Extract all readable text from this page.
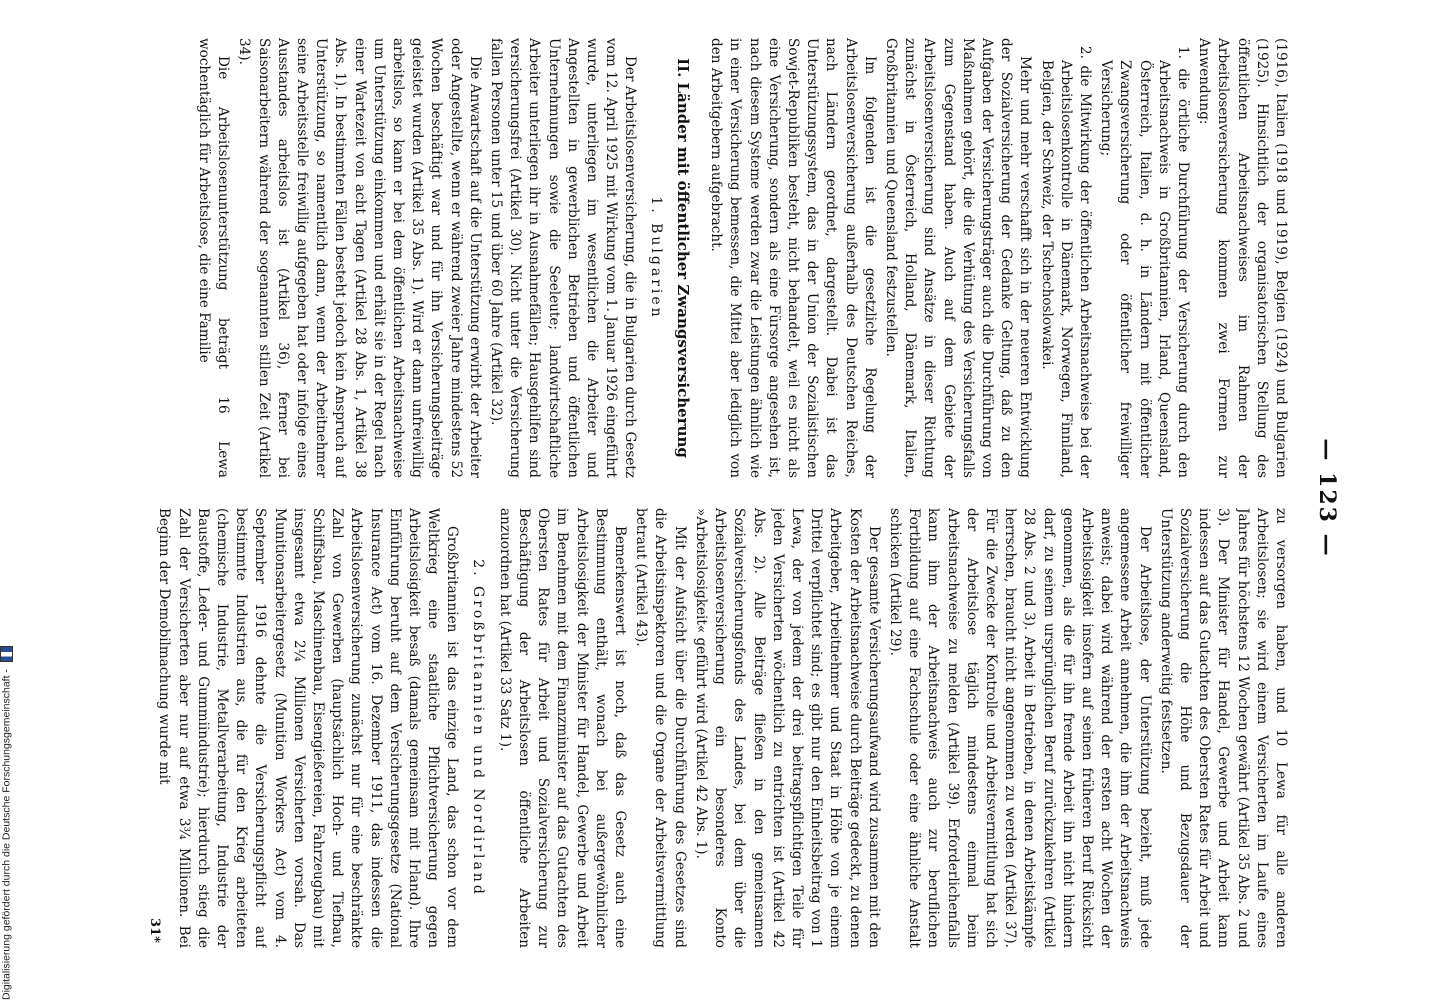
— 123 —

(1916), Italien (1918 und 1919), Belgien (1924) und Bulgarien (1925). Hinsichtlich der organisatorischen Stellung des öffentlichen Arbeitsnachweises im Rahmen der Arbeitslosenversicherung kommen zwei Formen zur Anwendung:

1. die örtliche Durchführung der Versicherung durch den Arbeitsnachweis in Großbritannien, Irland, Queensland, Österreich, Italien, d. h. in Ländern mit öffentlicher Zwangsversicherung oder öffentlicher freiwilliger Versicherung;
2. die Mitwirkung der öffentlichen Arbeitsnachweise bei der Arbeitslosenkontrolle in Dänemark, Norwegen, Finnland, Belgien, der Schweiz, der Tschechoslowakei.

Mehr und mehr verschafft sich in der neueren Entwicklung der Sozialversicherung der Gedanke Geltung, daß zu den Aufgaben der Versicherungsträger auch die Durchführung von Maßnahmen gehört, die die Verhütung des Versicherungsfalls zum Gegenstand haben. Auch auf dem Gebiete der Arbeitslosenversicherung sind Ansätze in dieser Richtung zunächst in Österreich, Holland, Dänemark, Italien, Großbritannien und Queensland festzustellen.

Im folgenden ist die gesetzliche Regelung der Arbeitslosenversicherung außerhalb des Deutschen Reiches, nach Ländern geordnet, dargestellt. Dabei ist das Unterstützungssystem, das in der Union der Sozialistischen Sowjet-Republiken besteht, nicht behandelt, weil es nicht als eine Versicherung, sondern als eine Fürsorge angesehen ist, nach diesem Systeme werden zwar die Leistungen ähnlich wie in einer Versicherung bemessen, die Mittel aber lediglich von den Arbeitgebern aufgebracht.

II. Länder mit öffentlicher Zwangsversicherung
1. Bulgarien

Der Arbeitslosenversicherung, die in Bulgarien durch Gesetz vom 12. April 1925 mit Wirkung vom 1. Januar 1926 eingeführt wurde, unterliegen im wesentlichen die Arbeiter und Angestellten in gewerblichen Betrieben und öffentlichen Unternehmungen sowie die Seeleute; landwirtschaftliche Arbeiter unterliegen ihr in Ausnahmefällen; Hausgehilfen sind versicherungsfrei (Artikel 30). Nicht unter die Versicherung fallen Personen unter 15 und über 60 Jahre (Artikel 32).

Die Anwartschaft auf die Unterstützung erwirbt der Arbeiter oder Angestellte, wenn er während zweier Jahre mindestens 52 Wochen beschäftigt war und für ihn Versicherungsbeiträge geleistet wurden (Artikel 35 Abs. 1). Wird er dann unfreiwillig arbeitslos, so kann er bei dem öffentlichen Arbeitsnachweise um Unterstützung einkommen und erhält sie in der Regel nach einer Wartezeit von acht Tagen (Artikel 28 Abs. 1, Artikel 38 Abs. 1). In bestimmten Fällen besteht jedoch kein Anspruch auf Unterstützung, so namentlich dann, wenn der Arbeitnehmer seine Arbeitsstelle freiwillig aufgegeben hat oder infolge eines Ausstandes arbeitslos ist (Artikel 36), ferner bei Saisonarbeitern während der sogenannten stillen Zeit (Artikel 34).

Die Arbeitslosenunterstützung beträgt 16 Lewa wochentäglich für Arbeitslose, die eine Familie

zu versorgen haben, und 10 Lewa für alle anderen Arbeitslosen; sie wird einem Versicherten im Laufe eines Jahres für höchstens 12 Wochen gewährt (Artikel 35 Abs. 2 und 3). Der Minister für Handel, Gewerbe und Arbeit kann indessen auf das Gutachten des Obersten Rates für Arbeit und Sozialversicherung die Höhe und Bezugsdauer der Unterstützung anderweitig festsetzen.

Der Arbeitslose, der Unterstützung bezieht, muß jede angemessene Arbeit annehmen, die ihm der Arbeitsnachweis anweist; dabei wird während der ersten acht Wochen der Arbeitslosigkeit insofern auf seinen früheren Beruf Rücksicht genommen, als die für ihn fremde Arbeit ihn nicht hindern darf, zu seinem ursprünglichen Beruf zurückzukehren (Artikel 28 Abs. 2 und 3). Arbeit in Betrieben, in denen Arbeitskämpfe herrschen, braucht nicht angenommen zu werden (Artikel 37). Für die Zwecke der Kontrolle und Arbeitsvermittlung hat sich der Arbeitslose täglich mindestens einmal beim Arbeitsnachweise zu melden (Artikel 39). Erforderlichenfalls kann ihm der Arbeitsnachweis auch zur beruflichen Fortbildung auf eine Fachschule oder eine ähnliche Anstalt schicken (Artikel 29).

Der gesamte Versicherungsaufwand wird zusammen mit den Kosten der Arbeitsnachweise durch Beiträge gedeckt, zu denen Arbeitgeber, Arbeitnehmer und Staat in Höhe von je einem Drittel verpflichtet sind; es gibt nur den Einheitsbeitrag von 1 Lewa, der von jedem der drei beitragspflichtigen Teile für jeden Versicherten wöchentlich zu entrichten ist (Artikel 42 Abs. 2). Alle Beiträge fließen in den gemeinsamen Sozialversicherungsfonds des Landes, bei dem über die Arbeitslosenversicherung ein besonderes Konto »Arbeitslosigkeit« geführt wird (Artikel 42 Abs. 1).

Mit der Aufsicht über die Durchführung des Gesetzes sind die Arbeitsinspektoren und die Organe der Arbeitsvermittlung betraut (Artikel 43).

Bemerkenswert ist noch, daß das Gesetz auch eine Bestimmung enthält, wonach bei außergewöhnlicher Arbeitslosigkeit der Minister für Handel, Gewerbe und Arbeit im Benehmen mit dem Finanzminister auf das Gutachten des Obersten Rates für Arbeit und Sozialversicherung zur Beschäftigung der Arbeitslosen öffentliche Arbeiten anzuordnen hat (Artikel 33 Satz 1).

2. Großbritannien und Nordirland

Großbritannien ist das einzige Land, das schon vor dem Weltkrieg eine staatliche Pflichtversicherung gegen Arbeitslosigkeit besaß (damals gemeinsam mit Irland). Ihre Einführung beruht auf dem Versicherungsgesetze (National Insurance Act) vom 16. Dezember 1911, das indessen die Arbeitslosenversicherung zunächst nur für eine beschränkte Zahl von Gewerben (hauptsächlich Hoch- und Tiefbau, Schiffsbau, Maschinenbau, Eisengießereien, Fahrzeugbau) mit insgesamt etwa 2¼ Millionen Versicherten vorsah. Das Munitionsarbeitergesetz (Munition Workers Act) vom 4. September 1916 dehnte die Versicherungspflicht auf bestimmte Industrien aus, die für den Krieg arbeiteten (chemische Industrie, Metallverarbeitung, Industrie der Baustoffe, Leder- und Gummiindustrie); hierdurch stieg die Zahl der Versicherten aber nur auf etwa 3¾ Millionen. Bei Beginn der Demobilmachung wurde mit

31*
Digitalisierung gefördert durch die Deutsche Forschungsgemeinschaft -
